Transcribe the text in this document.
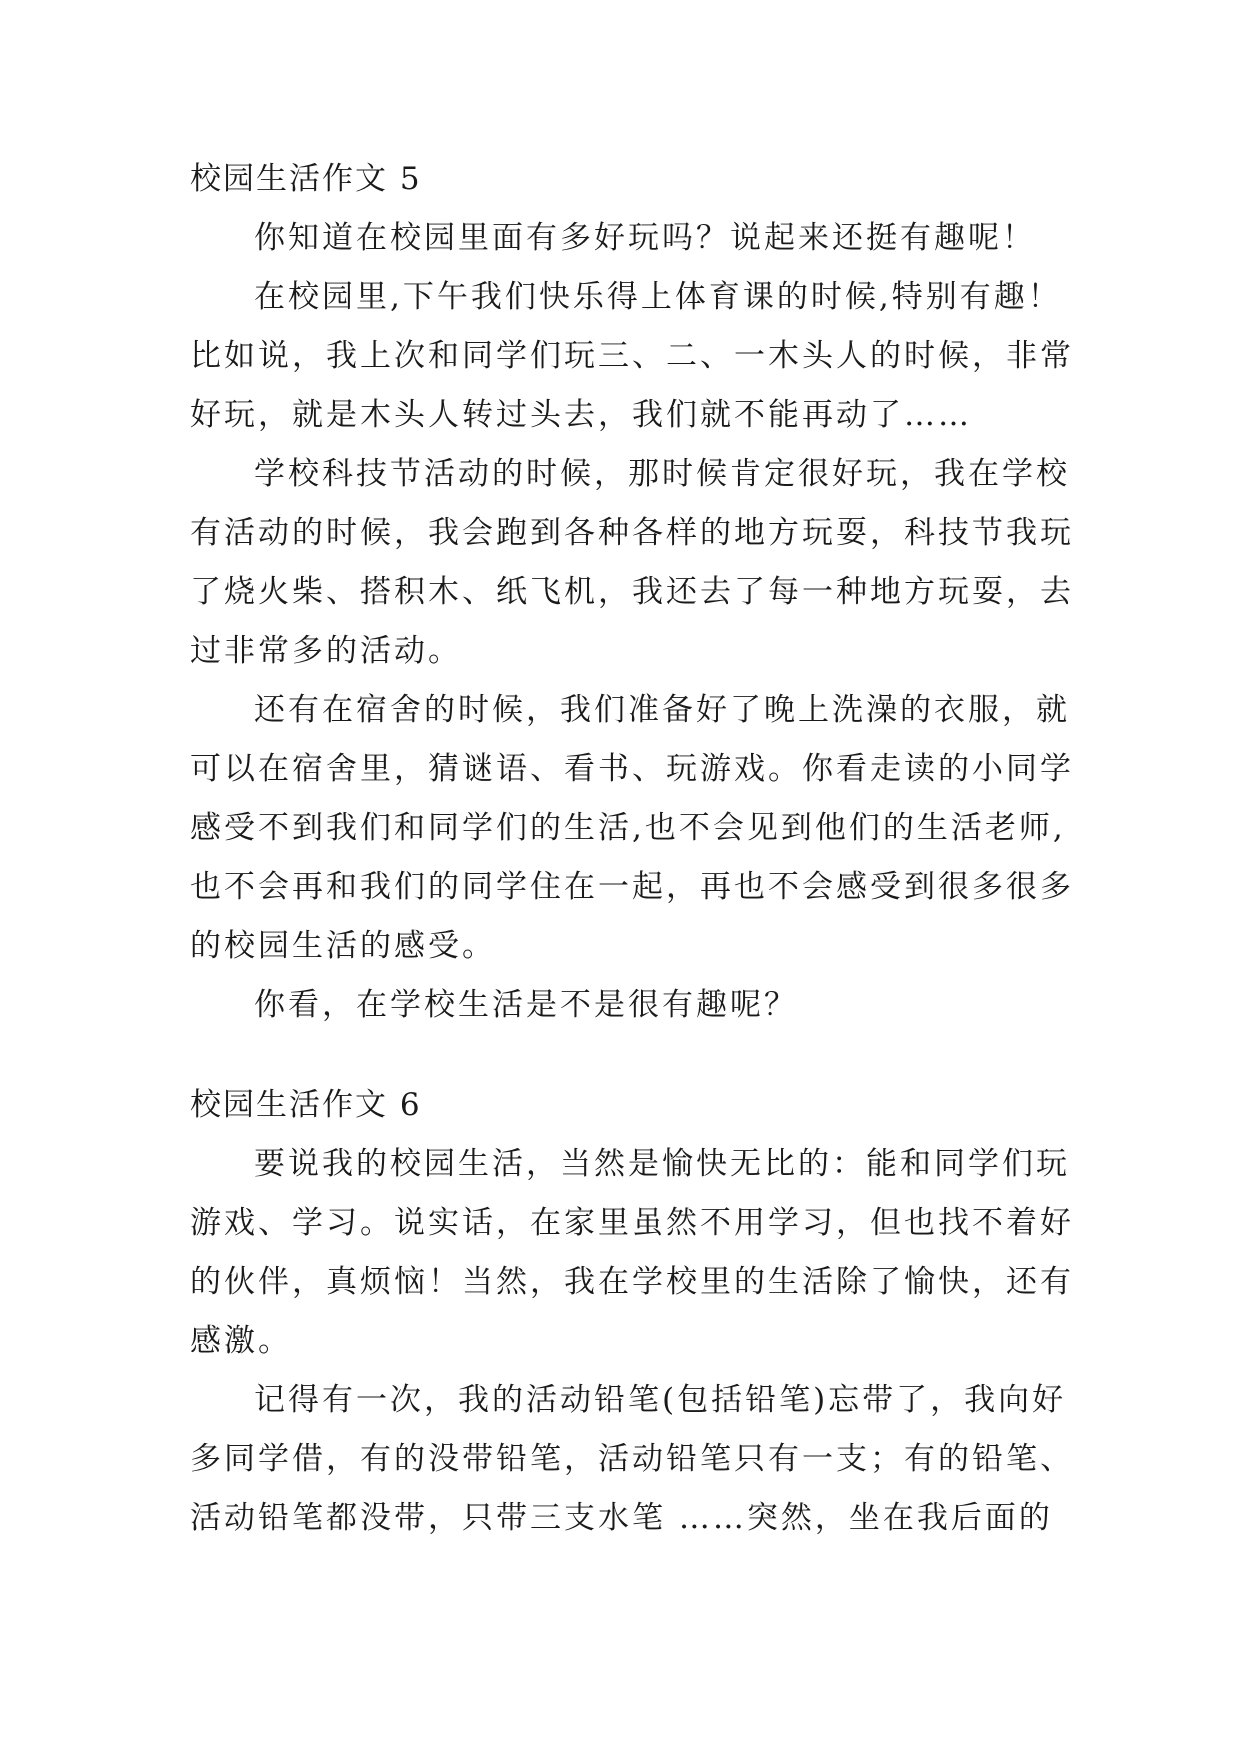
校园生活作文 5
你知道在校园里面有多好玩吗？说起来还挺有趣呢！
在校园里,下午我们快乐得上体育课的时候,特别有趣！
比如说，我上次和同学们玩三、二、一木头人的时候，非常
好玩，就是木头人转过头去，我们就不能再动了……
学校科技节活动的时候，那时候肯定很好玩，我在学校
有活动的时候，我会跑到各种各样的地方玩耍，科技节我玩
了烧火柴、搭积木、纸飞机，我还去了每一种地方玩耍，去
过非常多的活动。
还有在宿舍的时候，我们准备好了晚上洗澡的衣服，就
可以在宿舍里，猜谜语、看书、玩游戏。你看走读的小同学
感受不到我们和同学们的生活,也不会见到他们的生活老师,
也不会再和我们的同学住在一起，再也不会感受到很多很多
的校园生活的感受。
你看，在学校生活是不是很有趣呢？
校园生活作文 6
要说我的校园生活，当然是愉快无比的：能和同学们玩
游戏、学习。说实话，在家里虽然不用学习，但也找不着好
的伙伴，真烦恼！当然，我在学校里的生活除了愉快，还有
感激。
记得有一次，我的活动铅笔(包括铅笔)忘带了，我向好
多同学借，有的没带铅笔，活动铅笔只有一支；有的铅笔、
活动铅笔都没带，只带三支水笔 ……突然，坐在我后面的
